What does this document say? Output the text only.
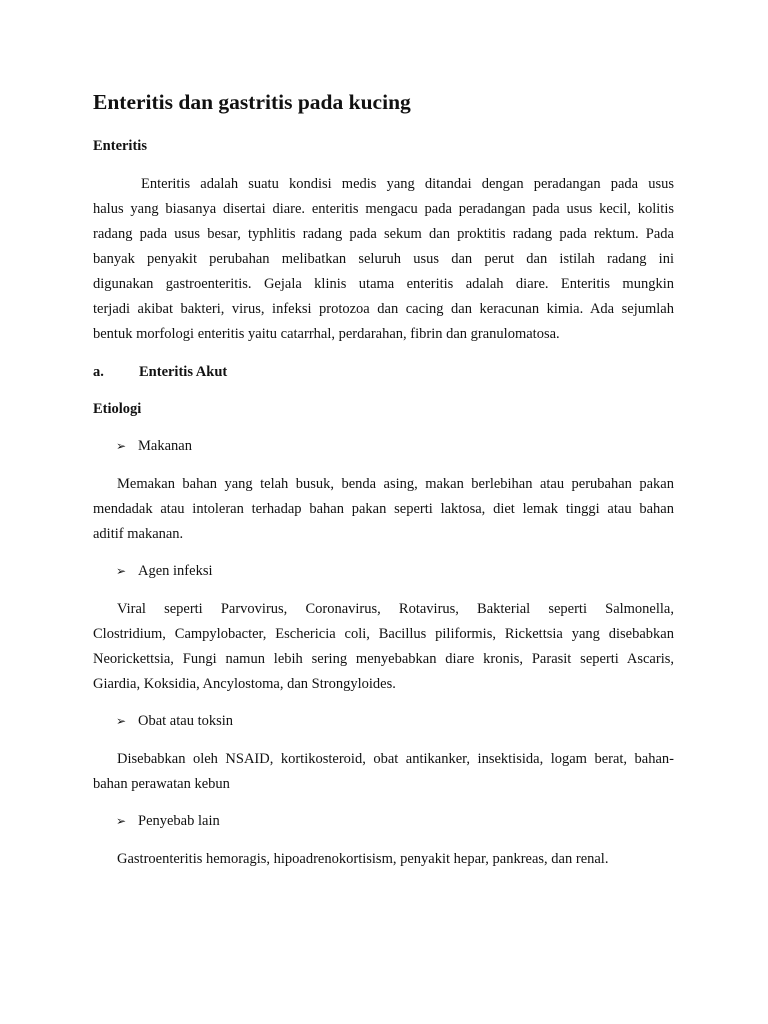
Enteritis dan gastritis pada kucing
Enteritis
Enteritis adalah suatu kondisi medis yang ditandai dengan peradangan pada usus
halus yang biasanya disertai diare. enteritis mengacu pada peradangan pada usus kecil, kolitis
radang pada usus besar, typhlitis radang pada sekum dan proktitis radang pada rektum. Pada
banyak penyakit perubahan melibatkan seluruh usus dan perut dan istilah radang ini
digunakan gastroenteritis. Gejala klinis utama enteritis adalah diare. Enteritis mungkin
terjadi akibat bakteri, virus, infeksi protozoa dan cacing dan keracunan kimia. Ada sejumlah
bentuk morfologi enteritis yaitu catarrhal, perdarahan, fibrin dan granulomatosa.
a. Enteritis Akut
Etiologi
➢ Makanan
Memakan bahan yang telah busuk, benda asing, makan berlebihan atau perubahan pakan
mendadak atau intoleran terhadap bahan pakan seperti laktosa, diet lemak tinggi atau bahan
aditif makanan.
➢ Agen infeksi
Viral seperti Parvovirus, Coronavirus, Rotavirus, Bakterial seperti Salmonella,
Clostridium, Campylobacter, Eschericia coli, Bacillus piliformis, Rickettsia yang disebabkan
Neorickettsia, Fungi namun lebih sering menyebabkan diare kronis, Parasit seperti Ascaris,
Giardia, Koksidia, Ancylostoma, dan Strongyloides.
➢ Obat atau toksin
Disebabkan oleh NSAID, kortikosteroid, obat antikanker, insektisida, logam berat, bahan-
bahan perawatan kebun
➢ Penyebab lain
Gastroenteritis hemoragis, hipoadrenokortisism, penyakit hepar, pankreas, dan renal.
